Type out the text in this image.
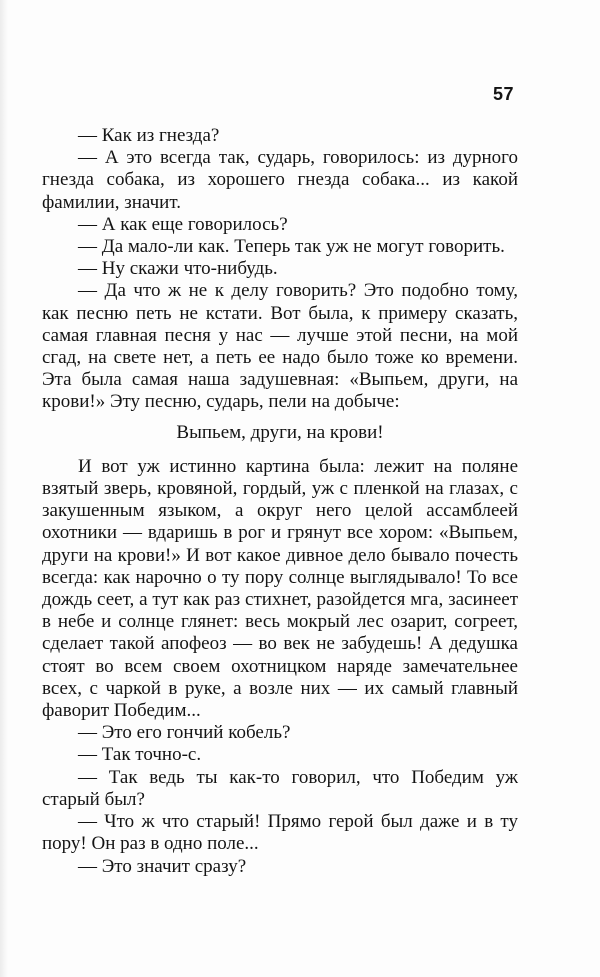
57

— Как из гнезда?

— А это всегда так, сударь, говорилось: из дурного гнезда собака, из хорошего гнезда собака... из какой фамилии, значит.

— А как еще говорилось?

— Да мало-ли как. Теперь так уж не могут говорить.

— Ну скажи что-нибудь.

— Да что ж не к делу говорить? Это подобно тому, как песню петь не кстати. Вот была, к примеру сказать, самая главная песня у нас — лучше этой песни, на мой сгад, на свете нет, а петь ее надо было тоже ко времени. Эта была самая наша задушевная: «Выпьем, други, на крови!» Эту песню, сударь, пели на добыче:

Выпьем, други, на крови!

И вот уж истинно картина была: лежит на поляне взятый зверь, кровяной, гордый, уж с пленкой на глазах, с закушенным языком, а округ него целой ассамблеей охотники — вдаришь в рог и грянут все хором: «Выпьем, други на крови!» И вот какое дивное дело бывало почесть всегда: как нарочно о ту пору солнце выглядывало! То все дождь сеет, а тут как раз стихнет, разойдется мга, засинеет в небе и солнце глянет: весь мокрый лес озарит, согреет, сделает такой апофеоз — во век не забудешь! А дедушка стоят во всем своем охотницком наряде замечательнее всех, с чаркой в руке, а возле них — их самый главный фаворит Победим...

— Это его гончий кобель?

— Так точно-с.

— Так ведь ты как-то говорил, что Победим уж старый был?

— Что ж что старый! Прямо герой был даже и в ту пору! Он раз в одно поле...

— Это значит сразу?
